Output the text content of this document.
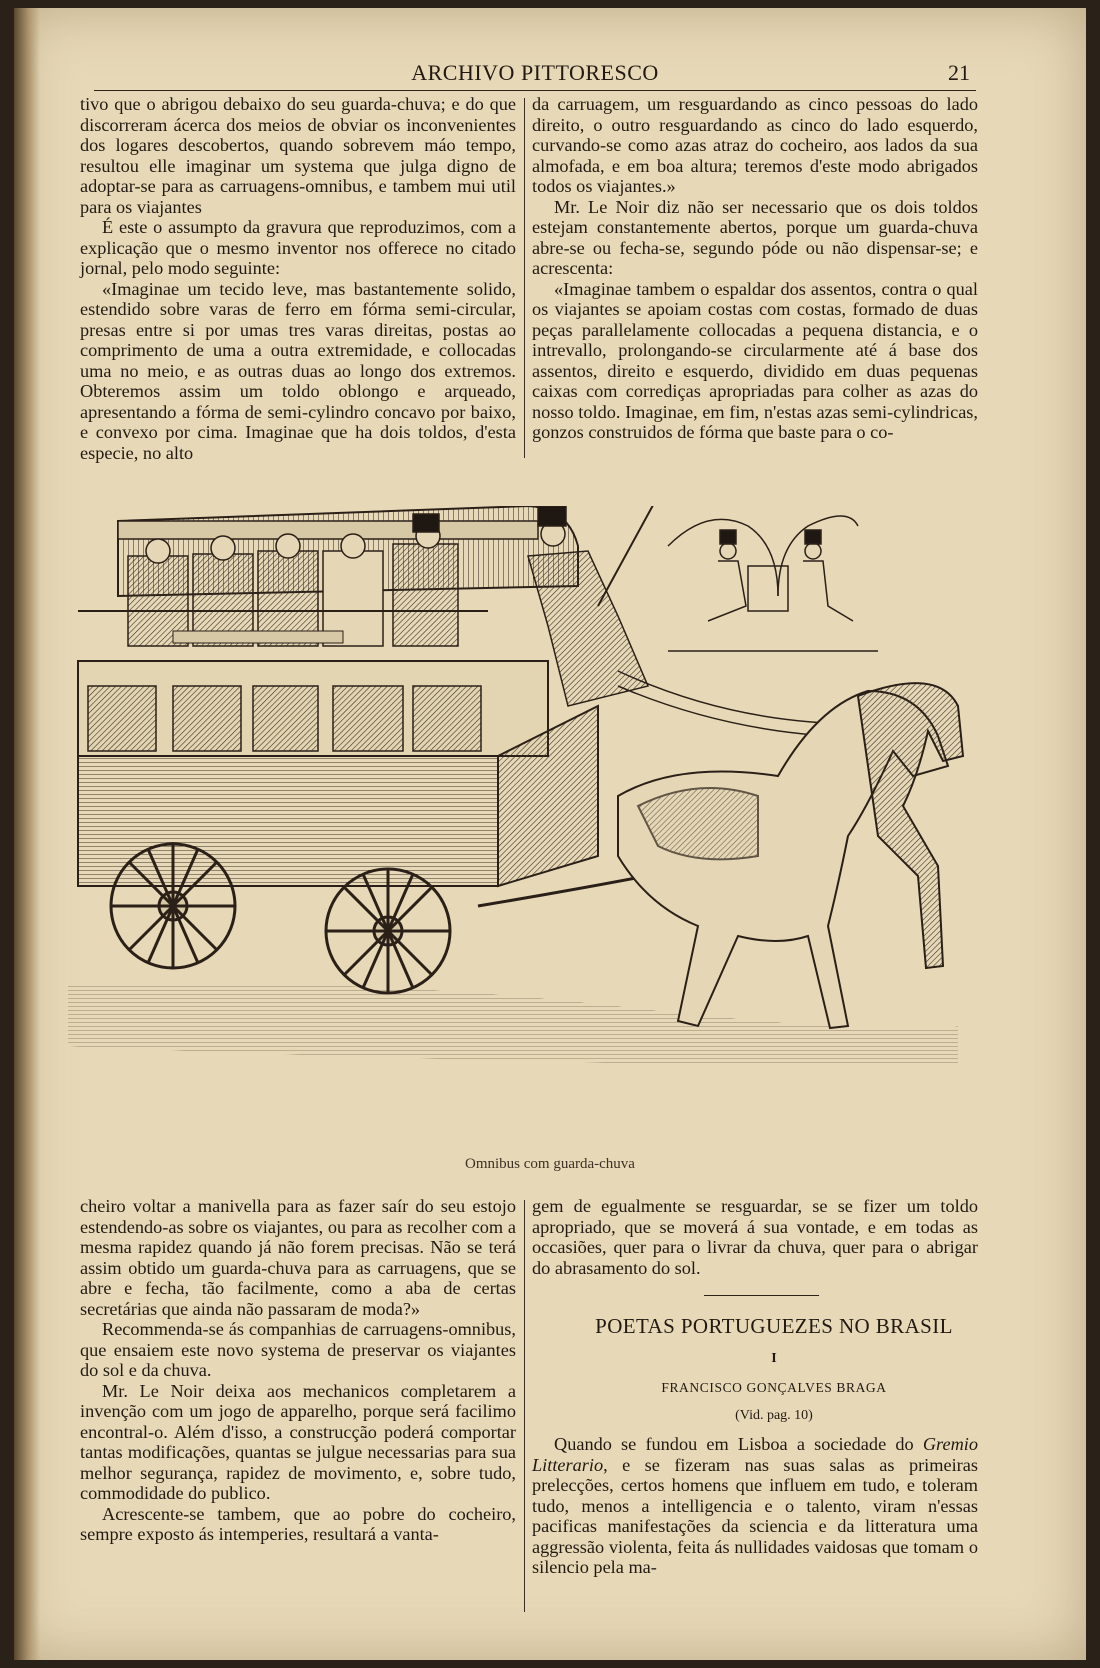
ARCHIVO PITTORESCO	21

tivo que o abrigou debaixo do seu guarda-chuva; e do que discorreram ácerca dos meios de obviar os inconvenientes dos logares descobertos, quando sobrevem máo tempo, resultou elle imaginar um systema que julga digno de adoptar-se para as carruagens-omnibus, e tambem mui util para os viajantes

É este o assumpto da gravura que reproduzimos, com a explicação que o mesmo inventor nos offerece no citado jornal, pelo modo seguinte:

«Imaginae um tecido leve, mas bastantemente solido, estendido sobre varas de ferro em fórma semi-circular, presas entre si por umas tres varas direitas, postas ao comprimento de uma a outra extremidade, e collocadas uma no meio, e as outras duas ao longo dos extremos. Obteremos assim um toldo oblongo e arqueado, apresentando a fórma de semi-cylindro concavo por baixo, e convexo por cima. Imaginae que ha dois toldos, d'esta especie, no alto

da carruagem, um resguardando as cinco pessoas do lado direito, o outro resguardando as cinco do lado esquerdo, curvando-se como azas atraz do cocheiro, aos lados da sua almofada, e em boa altura; teremos d'este modo abrigados todos os viajantes.»

Mr. Le Noir diz não ser necessario que os dois toldos estejam constantemente abertos, porque um guarda-chuva abre-se ou fecha-se, segundo póde ou não dispensar-se; e acrescenta:

«Imaginae tambem o espaldar dos assentos, contra o qual os viajantes se apoiam costas com costas, formado de duas peças parallelamente collocadas a pequena distancia, e o intrevallo, prolongando-se circularmente até á base dos assentos, direito e esquerdo, dividido em duas pequenas caixas com corrediças apropriadas para colher as azas do nosso toldo. Imaginae, em fim, n'estas azas semi-cylindricas, gonzos construidos de fórma que baste para o co-

Omnibus com guarda-chuva

cheiro voltar a manivella para as fazer saír do seu estojo estendendo-as sobre os viajantes, ou para as recolher com a mesma rapidez quando já não forem precisas. Não se terá assim obtido um guarda-chuva para as carruagens, que se abre e fecha, tão facilmente, como a aba de certas secretárias que ainda não passaram de moda?»

Recommenda-se ás companhias de carruagens-omnibus, que ensaiem este novo systema de preservar os viajantes do sol e da chuva.

Mr. Le Noir deixa aos mechanicos completarem a invenção com um jogo de apparelho, porque será facilimo encontral-o. Além d'isso, a construcção poderá comportar tantas modificações, quantas se julgue necessarias para sua melhor segurança, rapidez de movimento, e, sobre tudo, commodidade do publico.

Acrescente-se tambem, que ao pobre do cocheiro, sempre exposto ás intemperies, resultará a vanta-

gem de egualmente se resguardar, se se fizer um toldo apropriado, que se moverá á sua vontade, e em todas as occasiões, quer para o livrar da chuva, quer para o abrigar do abrasamento do sol.

POETAS PORTUGUEZES NO BRASIL
I
FRANCISCO GONÇALVES BRAGA
(Vid. pag. 10)

Quando se fundou em Lisboa a sociedade do Gremio Litterario, e se fizeram nas suas salas as primeiras prelecções, certos homens que influem em tudo, e toleram tudo, menos a intelligencia e o talento, viram n'essas pacificas manifestações da sciencia e da litteratura uma aggressão violenta, feita ás nullidades vaidosas que tomam o silencio pela ma-
